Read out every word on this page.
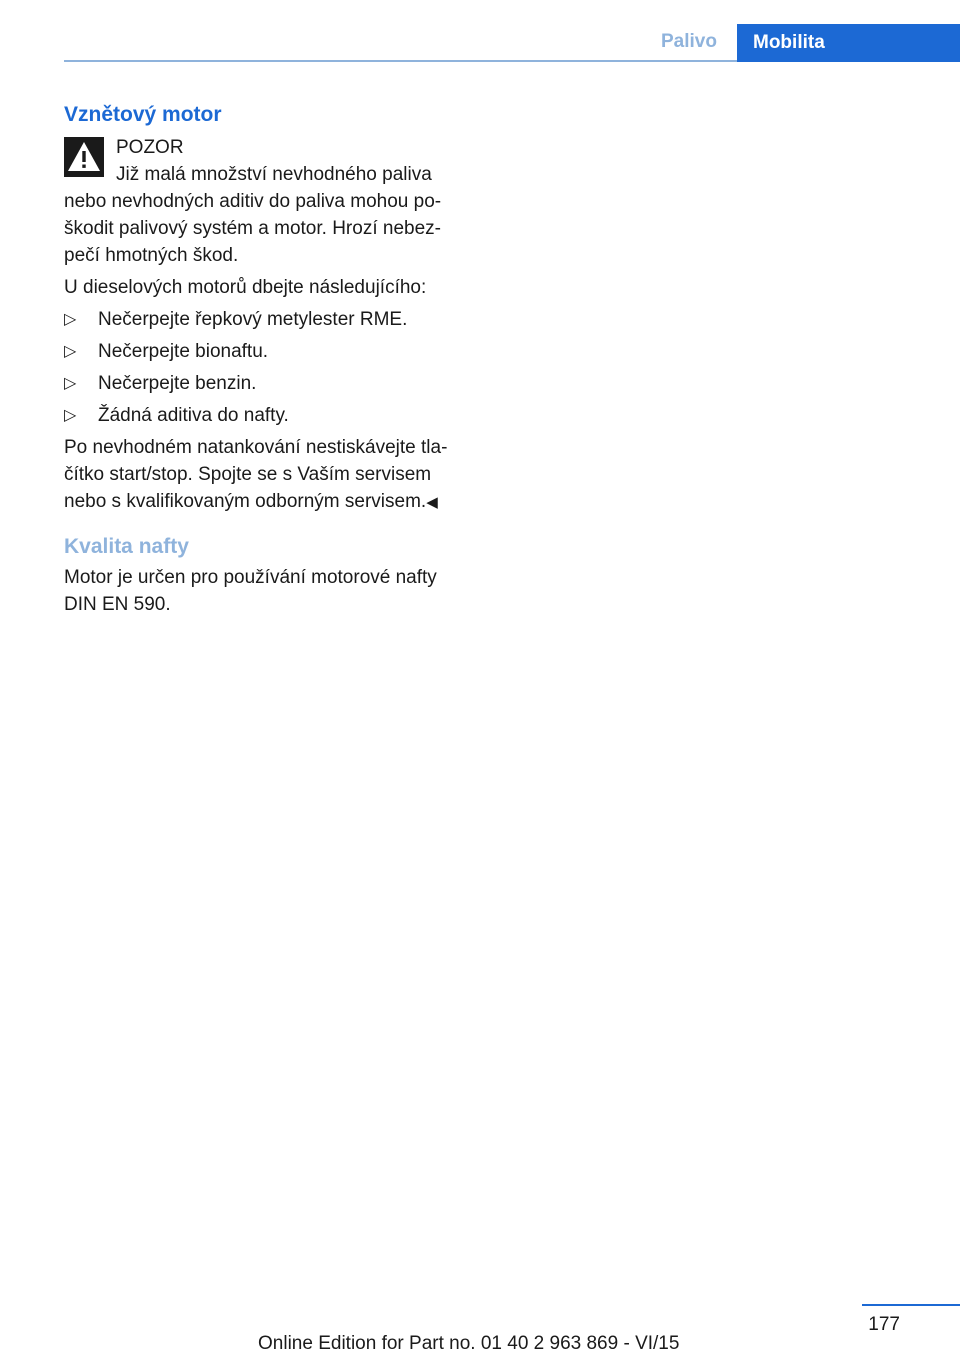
Palivo	Mobilita
Vznětový motor
POZOR
Již malá množství nevhodného paliva
nebo nevhodných aditiv do paliva mohou po-
škodit palivový systém a motor. Hrozí nebez-
pečí hmotných škod.
U dieselových motorů dbejte následujícího:
▷ Nečerpejte řepkový metylester RME.
▷ Nečerpejte bionaftu.
▷ Nečerpejte benzin.
▷ Žádná aditiva do nafty.
Po nevhodném natankování nestiskávejte tla-
čítko start/stop. Spojte se s Vaším servisem
nebo s kvalifikovaným odborným servisem.◀
Kvalita nafty
Motor je určen pro používání motorové nafty
DIN EN 590.
177
Online Edition for Part no. 01 40 2 963 869 - VI/15
